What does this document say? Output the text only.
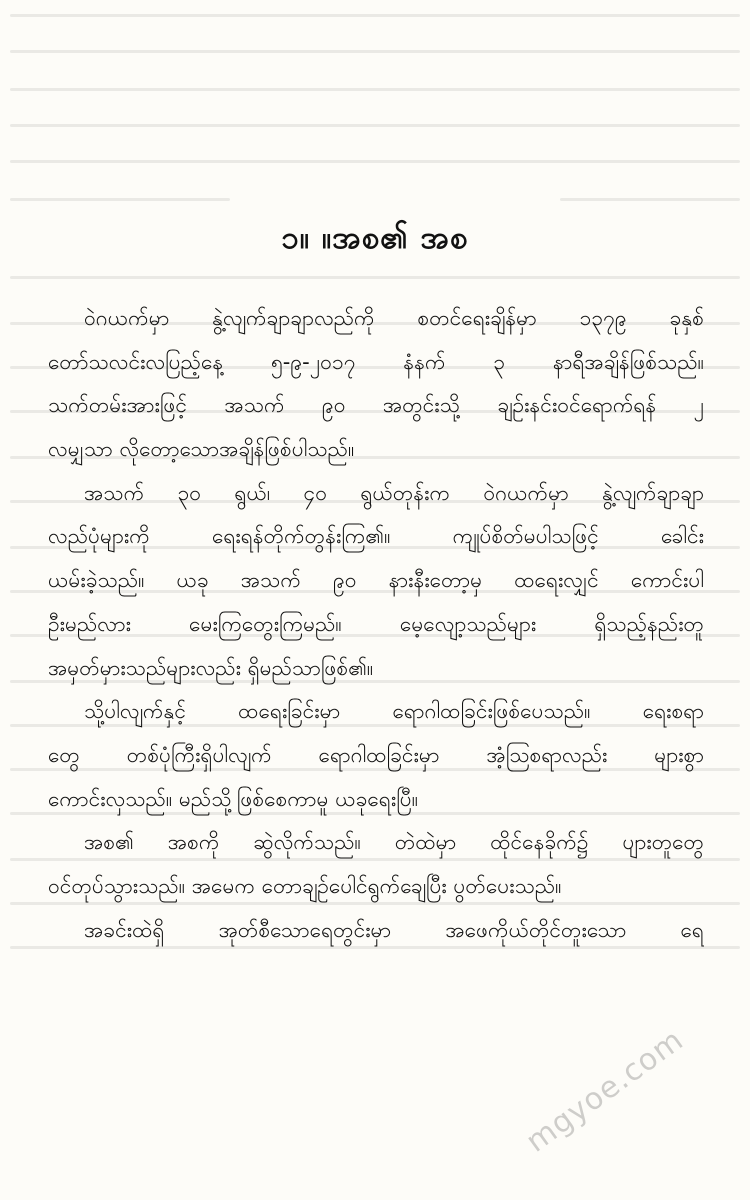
၁။ ။အစ၏ အစ
ဝဲဂယက်မှာ နွဲ့လျက်ချာချာလည်ကို စတင်ရေးချိန်မှာ ၁၃၇၉ ခုနှစ်
တော်သလင်းလပြည့်နေ့ ၅-၉-၂၀၁၇ နံနက် ၃ နာရီအချိန်ဖြစ်သည်။
သက်တမ်းအားဖြင့် အသက် ၉၀ အတွင်းသို့ ချဉ်းနင်းဝင်ရောက်ရန် ၂
လမျှသာ လိုတော့သောအချိန်ဖြစ်ပါသည်။
အသက် ၃၀ ရွယ်၊ ၄၀ ရွယ်တုန်းက ဝဲဂယက်မှာ နွဲ့လျက်ချာချာ
လည်ပုံများကို ရေးရန်တိုက်တွန်းကြ၏။ ကျုပ်စိတ်မပါသဖြင့် ခေါင်း
ယမ်းခဲ့သည်။ ယခု အသက် ၉၀ နားနီးတော့မှ ထရေးလျှင် ကောင်းပါ
ဦးမည်လား မေးကြတွေးကြမည်။ မေ့လျော့သည်များ ရှိသည့်နည်းတူ
အမှတ်မှားသည်များလည်း ရှိမည်သာဖြစ်၏။
သို့ပါလျက်နှင့် ထရေးခြင်းမှာ ရောဂါထခြင်းဖြစ်ပေသည်။ ရေးစရာ
တွေ တစ်ပုံကြီးရှိပါလျက် ရောဂါထခြင်းမှာ အံ့သြစရာလည်း များစွာ
ကောင်းလှသည်။ မည်သို့ဖြစ်စေကာမူ ယခုရေးပြီ။
အစ၏ အစကို ဆွဲလိုက်သည်။ တဲထဲမှာ ထိုင်နေခိုက်၌ ပျားတူတွေ
ဝင်တုပ်သွားသည်။ အမေက တောချဉ်ပေါင်ရွက်ချေပြီး ပွတ်ပေးသည်။
အခင်းထဲရှိ အုတ်စီသောရေတွင်းမှာ အဖေကိုယ်တိုင်တူးသော ရေ
mgyoe.com
